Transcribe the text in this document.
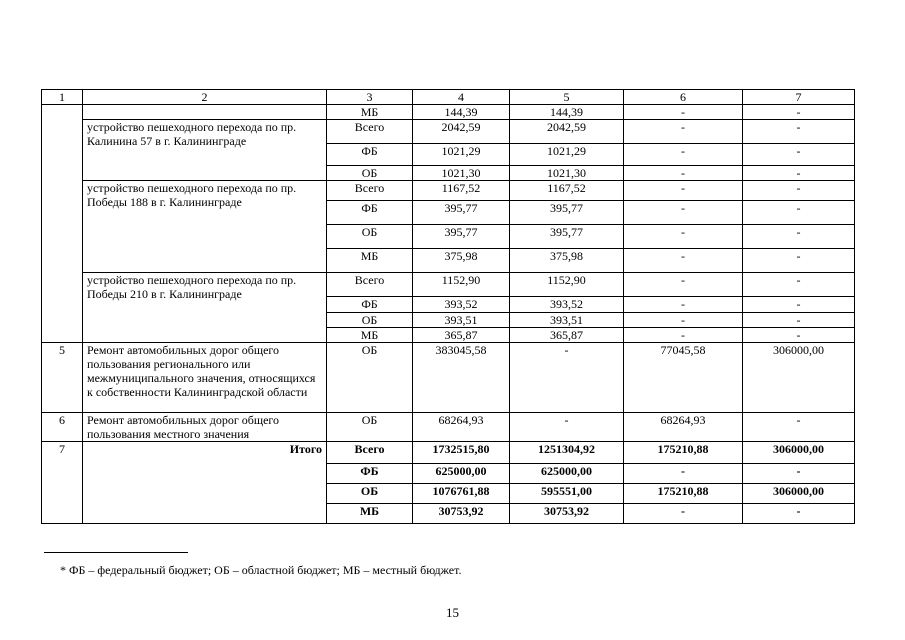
1	2	3	4	5	6	7
		МБ	144,39	144,39	-	-
	устройство пешеходного перехода по пр. Калинина 57 в г. Калининграде	Всего	2042,59	2042,59	-	-
		ФБ	1021,29	1021,29	-	-
		ОБ	1021,30	1021,30	-	-
	устройство пешеходного перехода по пр. Победы 188 в г. Калининграде	Всего	1167,52	1167,52	-	-
		ФБ	395,77	395,77	-	-
		ОБ	395,77	395,77	-	-
		МБ	375,98	375,98	-	-
	устройство пешеходного перехода по пр. Победы 210 в г. Калининграде	Всего	1152,90	1152,90	-	-
		ФБ	393,52	393,52	-	-
		ОБ	393,51	393,51	-	-
		МБ	365,87	365,87	-	-
5	Ремонт автомобильных дорог общего пользования регионального или межмуниципального значения, относящихся к собственности Калининградской области	ОБ	383045,58	-	77045,58	306000,00
6	Ремонт автомобильных дорог общего пользования местного значения	ОБ	68264,93	-	68264,93	-
7	Итого	Всего	1732515,80	1251304,92	175210,88	306000,00
		ФБ	625000,00	625000,00	-	-
		ОБ	1076761,88	595551,00	175210,88	306000,00
		МБ	30753,92	30753,92	-	-
* ФБ – федеральный бюджет; ОБ – областной бюджет; МБ – местный бюджет.
15
